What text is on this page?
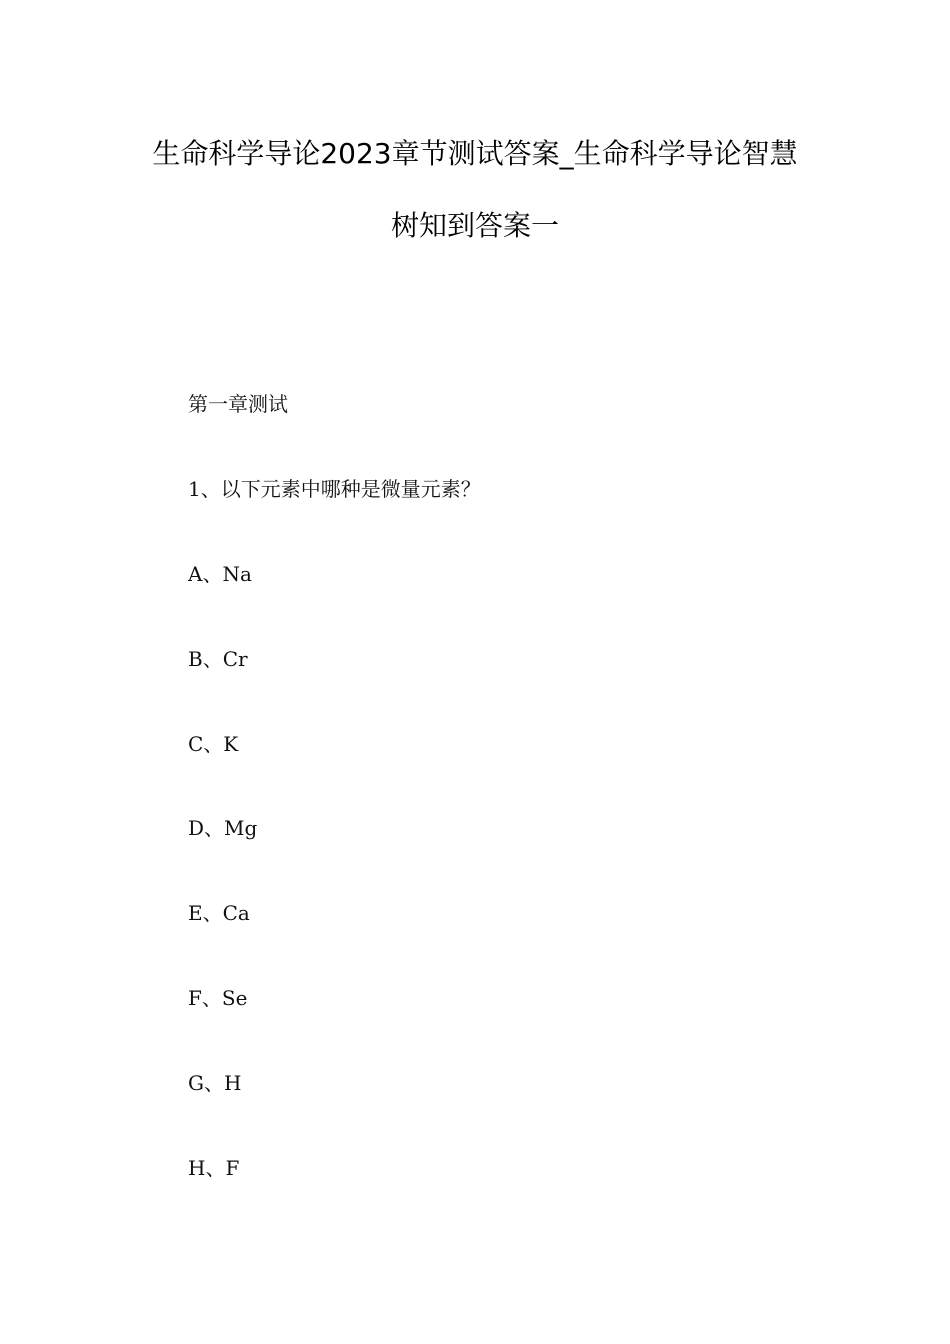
生命科学导论2023章节测试答案_生命科学导论智慧
树知到答案一
第一章测试
1、以下元素中哪种是微量元素？
A、Na
B、Cr
C、K
D、Mg
E、Ca
F、Se
G、H
H、F
